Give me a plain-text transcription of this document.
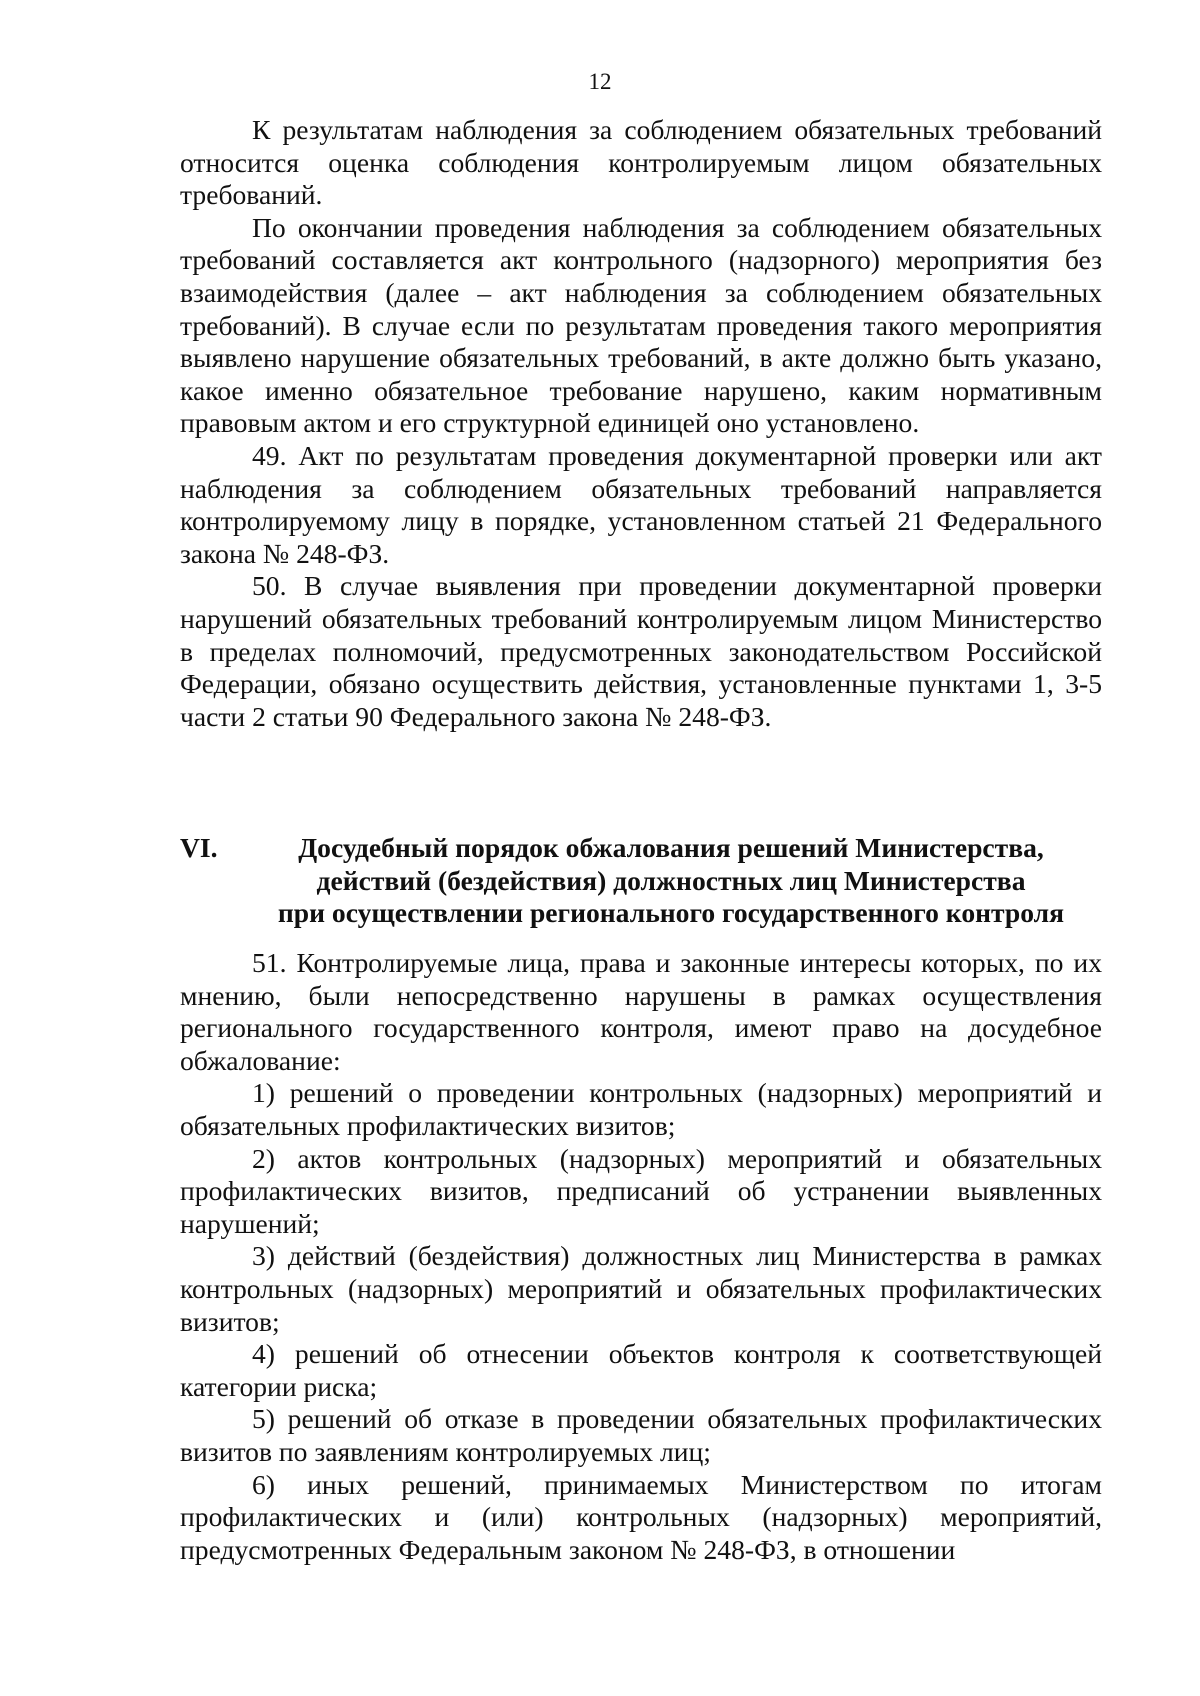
12

К результатам наблюдения за соблюдением обязательных требований относится оценка соблюдения контролируемым лицом обязательных требований.

По окончании проведения наблюдения за соблюдением обязательных требований составляется акт контрольного (надзорного) мероприятия без взаимодействия (далее – акт наблюдения за соблюдением обязательных требований). В случае если по результатам проведения такого мероприятия выявлено нарушение обязательных требований, в акте должно быть указано, какое именно обязательное требование нарушено, каким нормативным правовым актом и его структурной единицей оно установлено.

49. Акт по результатам проведения документарной проверки или акт наблюдения за соблюдением обязательных требований направляется контролируемому лицу в порядке, установленном статьей 21 Федерального закона № 248-ФЗ.

50. В случае выявления при проведении документарной проверки нарушений обязательных требований контролируемым лицом Министерство в пределах полномочий, предусмотренных законодательством Российской Федерации, обязано осуществить действия, установленные пунктами 1, 3-5 части 2 статьи 90 Федерального закона № 248-ФЗ.

VI.	Досудебный порядок обжалования решений Министерства,
действий (бездействия) должностных лиц Министерства
при осуществлении регионального государственного контроля

51. Контролируемые лица, права и законные интересы которых, по их мнению, были непосредственно нарушены в рамках осуществления регионального государственного контроля, имеют право на досудебное обжалование:

1) решений о проведении контрольных (надзорных) мероприятий и обязательных профилактических визитов;

2) актов контрольных (надзорных) мероприятий и обязательных профилактических визитов, предписаний об устранении выявленных нарушений;

3) действий (бездействия) должностных лиц Министерства в рамках контрольных (надзорных) мероприятий и обязательных профилактических визитов;

4) решений об отнесении объектов контроля к соответствующей категории риска;

5) решений об отказе в проведении обязательных профилактических визитов по заявлениям контролируемых лиц;

6) иных решений, принимаемых Министерством по итогам профилактических и (или) контрольных (надзорных) мероприятий, предусмотренных Федеральным законом № 248-ФЗ, в отношении
